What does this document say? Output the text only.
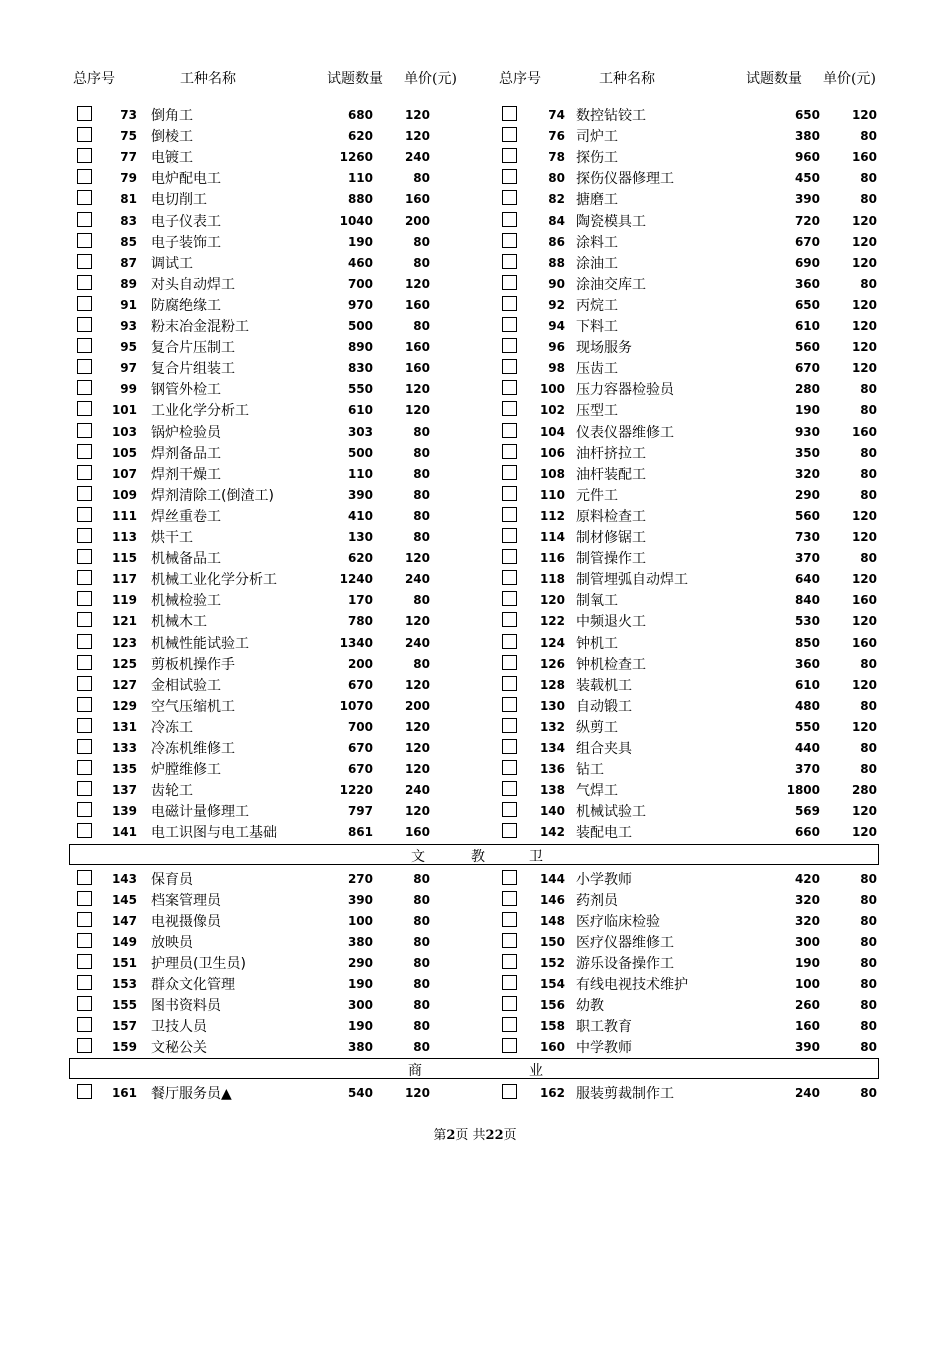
总序号	工种名称	试题数量 单价(元)	总序号	工种名称	试题数量 单价(元)
73 倒角工	680	120	74 数控钻铰工	650	120
75 倒棱工	620	120	76 司炉工	380	80
77 电镀工	1260	240	78 探伤工	960	160
79 电炉配电工	110	80	80 探伤仪器修理工	450	80
81 电切削工	880	160	82 搪磨工	390	80
83 电子仪表工	1040	200	84 陶瓷模具工	720	120
85 电子装饰工	190	80	86 涂料工	670	120
87 调试工	460	80	88 涂油工	690	120
89 对头自动焊工	700	120	90 涂油交库工	360	80
91 防腐绝缘工	970	160	92 丙烷工	650	120
93 粉末冶金混粉工	500	80	94 下料工	610	120
95 复合片压制工	890	160	96 现场服务	560	120
97 复合片组装工	830	160	98 压齿工	670	120
99 钢管外检工	550	120	100 压力容器检验员	280	80
101 工业化学分析工	610	120	102 压型工	190	80
103 锅炉检验员	303	80	104 仪表仪器维修工	930	160
105 焊剂备品工	500	80	106 油杆挤拉工	350	80
107 焊剂干燥工	110	80	108 油杆装配工	320	80
109 焊剂清除工(倒渣工)	390	80	110 元件工	290	80
111 焊丝重卷工	410	80	112 原料检查工	560	120
113 烘干工	130	80	114 制材修锯工	730	120
115 机械备品工	620	120	116 制管操作工	370	80
117 机械工业化学分析工	1240	240	118 制管埋弧自动焊工	640	120
119 机械检验工	170	80	120 制氧工	840	160
121 机械木工	780	120	122 中频退火工	530	120
123 机械性能试验工	1340	240	124 钟机工	850	160
125 剪板机操作手	200	80	126 钟机检查工	360	80
127 金相试验工	670	120	128 装载机工	610	120
129 空气压缩机工	1070	200	130 自动锻工	480	80
131 冷冻工	700	120	132 纵剪工	550	120
133 冷冻机维修工	670	120	134 组合夹具	440	80
135 炉膛维修工	670	120	136 钻工	370	80
137 齿轮工	1220	240	138 气焊工	1800	280
139 电磁计量修理工	797	120	140 机械试验工	569	120
141 电工识图与电工基础	861	160	142 装配电工	660	120
文	教	卫
143 保育员	270	80	144 小学教师	420	80
145 档案管理员	390	80	146 药剂员	320	80
147 电视摄像员	100	80	148 医疗临床检验	320	80
149 放映员	380	80	150 医疗仪器维修工	300	80
151 护理员(卫生员)	290	80	152 游乐设备操作工	190	80
153 群众文化管理	190	80	154 有线电视技术维护	100	80
155 图书资料员	300	80	156 幼教	260	80
157 卫技人员	190	80	158 职工教育	160	80
159 文秘公关	380	80	160 中学教师	390	80
商	业
161 餐厅服务员▲	540	120	162 服装剪裁制作工	240	80
第2页 共22页
